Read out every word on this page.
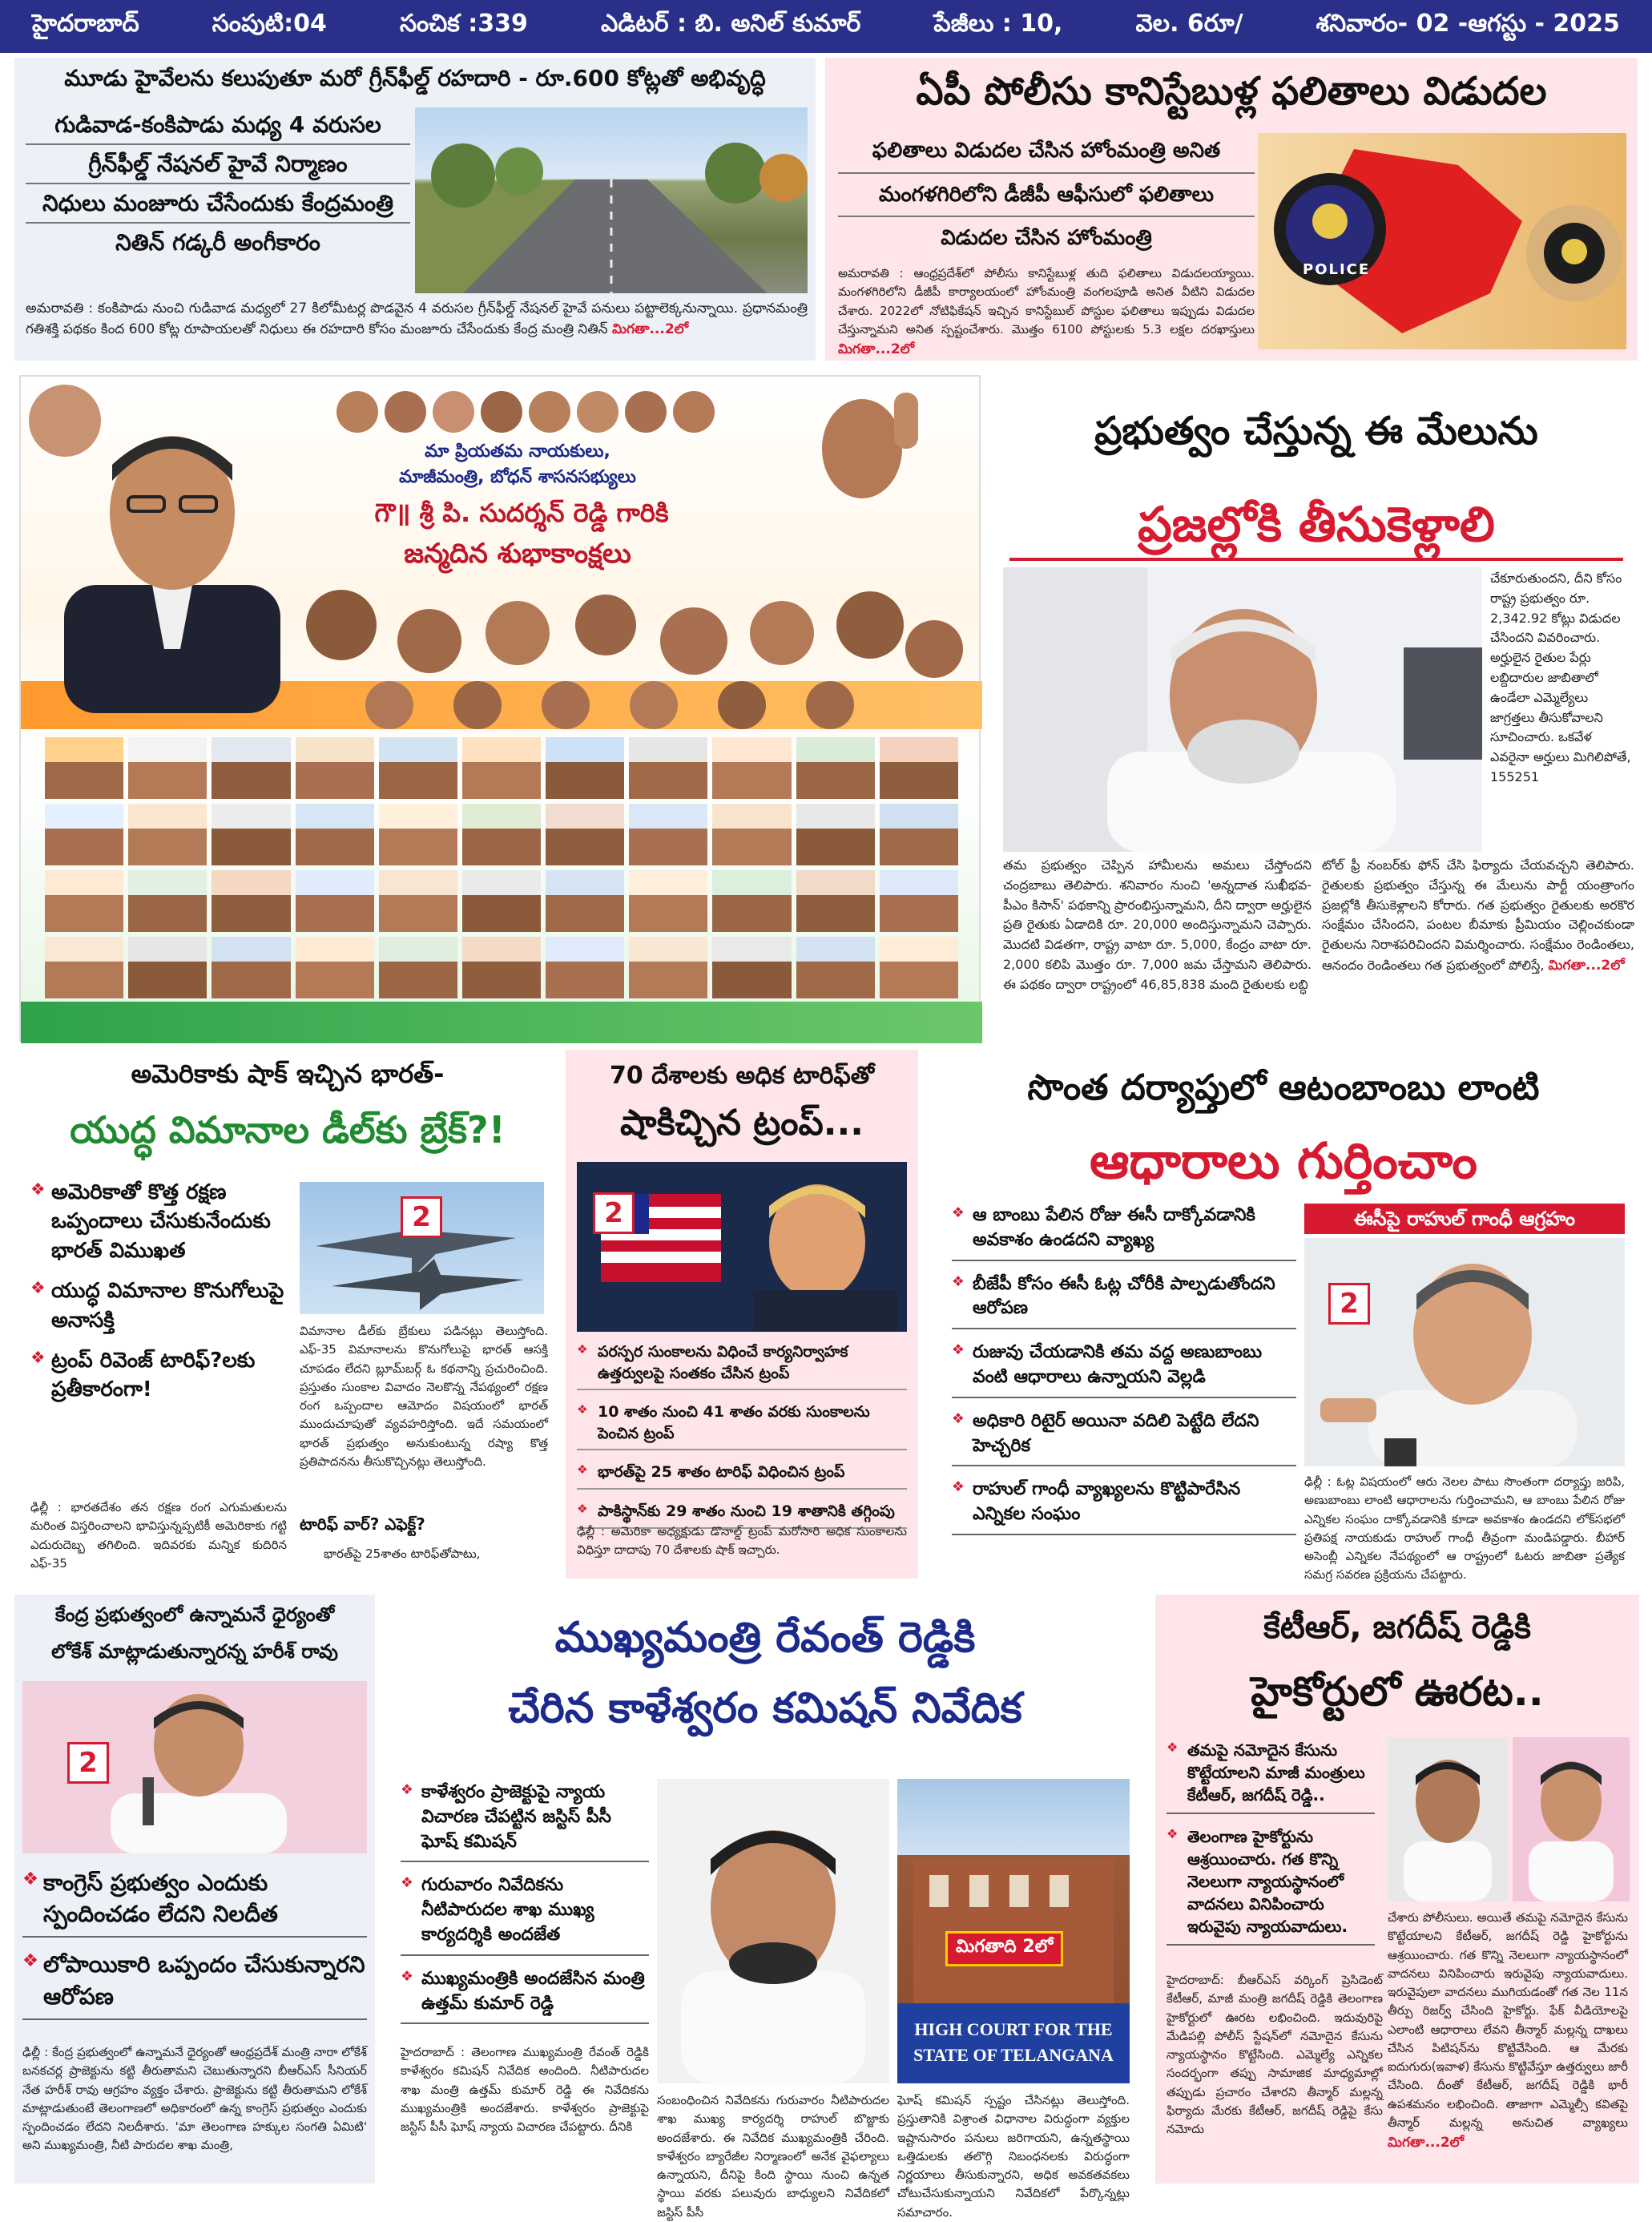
హైదరాబాద్	సంపుటి:04	సంచిక :339	ఎడిటర్ : బి. అనిల్ కుమార్	పేజీలు : 10,	వెల. 6రూ/	శనివారం- 02 -ఆగస్టు - 2025
మూడు హైవేలను కలుపుతూ మరో గ్రీన్‌ఫీల్డ్ రహదారి - రూ.600 కోట్లతో అభివృద్ధి
గుడివాడ-కంకిపాడు మధ్య 4 వరుసల
గ్రీన్‌ఫీల్డ్ నేషనల్ హైవే నిర్మాణం
నిధులు మంజూరు చేసేందుకు కేంద్రమంత్రి
నితిన్ గడ్కరీ అంగీకారం
అమరావతి : కంకిపాడు నుంచి గుడివాడ మధ్యలో 27 కిలోమీటర్ల పొడవైన 4 వరుసల గ్రీన్‌ఫీల్డ్ నేషనల్ హైవే పనులు పట్టాలెక్కనున్నాయి. ప్రధానమంత్రి గతిశక్తి పథకం కింద 600 కోట్ల రూపాయలతో నిధులు ఈ రహదారి కోసం మంజూరు చేసేందుకు కేంద్ర మంత్రి నితిన్ మిగతా...2లో
ఏపీ పోలీసు కానిస్టేబుళ్ల ఫలితాలు విడుదల
ఫలితాలు విడుదల చేసిన హోంమంత్రి అనిత
మంగళగిరిలోని డీజీపీ ఆఫీసులో ఫలితాలు
విడుదల చేసిన హోంమంత్రి
POLICE
అమరావతి : ఆంధ్రప్రదేశ్‌లో పోలీసు కానిస్టేబుళ్ల తుది ఫలితాలు విడుదలయ్యాయి. మంగళగిరిలోని డీజీపీ కార్యాలయంలో హోంమంత్రి వంగలపూడి అనిత వీటిని విడుదల చేశారు. 2022లో నోటిఫికేషన్ ఇచ్చిన కానిస్టేబుల్ పోస్టుల ఫలితాలు ఇప్పుడు విడుదల చేస్తున్నామని అనిత స్పష్టంచేశారు. మొత్తం 6100 పోస్టులకు 5.3 లక్షల దరఖాస్తులు మిగతా...2లో
మా ప్రియతమ నాయకులు,
మాజీమంత్రి, బోధన్ శాసనసభ్యులు
గౌ॥ శ్రీ పి. సుదర్శన్ రెడ్డి గారికి
జన్మదిన శుభాకాంక్షలు
ప్రభుత్వం చేస్తున్న ఈ మేలును
ప్రజల్లోకి తీసుకెళ్లాలి
చేకూరుతుందని, దీని కోసం రాష్ట్ర ప్రభుత్వం రూ. 2,342.92 కోట్లు విడుదల చేసిందని వివరించారు. అర్హులైన రైతుల పేర్లు లబ్దిదారుల జాబితాలో ఉండేలా ఎమ్మెల్యేలు జాగ్రత్తలు తీసుకోవాలని సూచించారు. ఒకవేళ ఎవరైనా అర్హులు మిగిలిపోతే, 155251
తమ ప్రభుత్వం చెప్పిన హామీలను అమలు చేస్తోందని చంద్రబాబు తెలిపారు. శనివారం నుంచి 'అన్నదాత సుఖీభవ-పీఎం కిసాన్' పథకాన్ని ప్రారంభిస్తున్నామని, దీని ద్వారా అర్హులైన ప్రతి రైతుకు ఏడాదికి రూ. 20,000 అందిస్తున్నామని చెప్పారు. మొదటి విడతగా, రాష్ట్ర వాటా రూ. 5,000, కేంద్రం వాటా రూ. 2,000 కలిపి మొత్తం రూ. 7,000 జమ చేస్తామని తెలిపారు. ఈ పథకం ద్వారా రాష్ట్రంలో 46,85,838 మంది రైతులకు లబ్ధి
టోల్ ఫ్రీ నంబర్‌కు ఫోన్ చేసి ఫిర్యాదు చేయవచ్చని తెలిపారు. రైతులకు ప్రభుత్వం చేస్తున్న ఈ మేలును పార్టీ యంత్రాంగం ప్రజల్లోకి తీసుకెళ్లాలని కోరారు. గత ప్రభుత్వం రైతులకు అరకొర సంక్షేమం చేసిందని, పంటల బీమాకు ప్రీమియం చెల్లించకుండా రైతులను నిరాశపరిచిందని విమర్శించారు. సంక్షేమం రెండింతలు, ఆనందం రెండింతలు గత ప్రభుత్వంలో పోలిస్తే, మిగతా...2లో
అమెరికాకు షాక్ ఇచ్చిన భారత్-
యుద్ధ విమానాల డీల్‌కు బ్రేక్?!
❖ అమెరికాతో కొత్త రక్షణ ఒప్పందాలు చేసుకునేందుకు భారత్ విముఖత
❖ యుద్ధ విమానాల కొనుగోలుపై అనాసక్తి
❖ ట్రంప్ రివెంజ్ టారిఫ్?లకు ప్రతీకారంగా!
2
విమానాల డీల్‌కు బ్రేకులు పడినట్లు తెలుస్తోంది. ఎఫ్-35 విమానాలను కొనుగోలుపై భారత్ ఆసక్తి చూపడం లేదని బ్లూమ్‌బర్గ్ ఓ కథనాన్ని ప్రచురించింది. ప్రస్తుతం సుంకాల వివాదం నెలకొన్న నేపథ్యంలో రక్షణ రంగ ఒప్పందాల ఆమోదం విషయంలో భారత్ ముందుచూపుతో వ్యవహరిస్తోంది. ఇదే సమయంలో భారత్ ప్రభుత్వం అనుకుంటున్న రష్యా కొత్త ప్రతిపాదనను తీసుకొచ్చినట్లు తెలుస్తోంది.
టారిఫ్ వార్? ఎఫెక్ట్?
భారత్‌పై 25శాతం టారిఫ్‌తోపాటు,
ఢిల్లీ : భారతదేశం తన రక్షణ రంగ ఎగుమతులను మరింత విస్తరించాలని భావిస్తున్నప్పటికీ అమెరికాకు గట్టి ఎదురుదెబ్బ తగిలింది. ఇదివరకు మన్నిక కుదిరిన ఎఫ్‌-35
70 దేశాలకు అధిక టారిఫ్‌తో
షాకిచ్చిన ట్రంప్...
2
❖ పరస్పర సుంకాలను విధించే కార్యనిర్వాహక ఉత్తర్వులపై సంతకం చేసిన ట్రంప్
❖ 10 శాతం నుంచి 41 శాతం వరకు సుంకాలను పెంచిన ట్రంప్
❖ భారత్‌పై 25 శాతం టారిఫ్ విధించిన ట్రంప్
❖ పాకిస్థాన్‌కు 29 శాతం నుంచి 19 శాతానికి తగ్గింపు
ఢిల్లీ : అమెరికా అధ్యక్షుడు డొనాల్డ్ ట్రంప్ మరోసారి అధిక సుంకాలను విధిస్తూ దాదాపు 70 దేశాలకు షాక్ ఇచ్చారు.
సొంత దర్యాప్తులో ఆటంబాంబు లాంటి
ఆధారాలు గుర్తించాం
ఈసీపై రాహుల్ గాంధీ ఆగ్రహం
❖ ఆ బాంబు పేలిన రోజు ఈసీ దాక్కోవడానికి అవకాశం ఉండదని వ్యాఖ్య
❖ బీజేపీ కోసం ఈసీ ఓట్ల చోరీకి పాల్పడుతోందని ఆరోపణ
❖ రుజువు చేయడానికి తమ వద్ద అణుబాంబు వంటి ఆధారాలు ఉన్నాయని వెల్లడి
❖ అధికారి రిటైర్ అయినా వదిలి పెట్టేది లేదని హెచ్చరిక
❖ రాహుల్ గాంధీ వ్యాఖ్యలను కొట్టిపారేసిన ఎన్నికల సంఘం
2
ఢిల్లీ : ఓట్ల విషయంలో ఆరు నెలల పాటు సొంతంగా దర్యాప్తు జరిపి, అణుబాంబు లాంటి ఆధారాలను గుర్తించామని, ఆ బాంబు పేలిన రోజు ఎన్నికల సంఘం దాక్కోవడానికి కూడా అవకాశం ఉండదని లోక్‌సభలో ప్రతిపక్ష నాయకుడు రాహుల్ గాంధీ తీవ్రంగా మండిపడ్డారు. బీహార్ అసెంబ్లీ ఎన్నికల నేపథ్యంలో ఆ రాష్ట్రంలో ఓటరు జాబితా ప్రత్యేక సమగ్ర సవరణ ప్రక్రియను చేపట్టారు.
కేంద్ర ప్రభుత్వంలో ఉన్నామనే ధైర్యంతో
లోకేశ్ మాట్లాడుతున్నారన్న హరీశ్ రావు
2
❖ కాంగ్రెస్ ప్రభుత్వం ఎందుకు స్పందించడం లేదని నిలదీత
❖ లోపాయికారి ఒప్పందం చేసుకున్నారని ఆరోపణ
ఢిల్లీ : కేంద్ర ప్రభుత్వంలో ఉన్నామనే ధైర్యంతో ఆంధ్రప్రదేశ్ మంత్రి నారా లోకేశ్ బనకచర్ల ప్రాజెక్టును కట్టి తీరుతామని చెబుతున్నారని బీఆర్ఎస్ సీనియర్ నేత హరీశ్ రావు ఆగ్రహం వ్యక్తం చేశారు. ప్రాజెక్టును కట్టి తీరుతామని లోకేశ్ మాట్లాడుతుంటే తెలంగాణలో అధికారంలో ఉన్న కాంగ్రెస్ ప్రభుత్వం ఎందుకు స్పందించడం లేదని నిలదీశారు. 'మా తెలంగాణ హక్కుల సంగతి ఏమిటి' అని ముఖ్యమంత్రి, నీటి పారుదల శాఖ మంత్రి,
ముఖ్యమంత్రి రేవంత్ రెడ్డికి
చేరిన కాళేశ్వరం కమిషన్ నివేదిక
❖ కాళేశ్వరం ప్రాజెక్టుపై న్యాయ విచారణ చేపట్టిన జస్టిస్ పీసీ ఘోష్ కమిషన్
❖ గురువారం నివేదికను నీటిపారుదల శాఖ ముఖ్య కార్యదర్శికి అందజేత
❖ ముఖ్యమంత్రికి అందజేసిన మంత్రి ఉత్తమ్ కుమార్ రెడ్డి
మిగతాది 2లో
HIGH COURT FOR THE
STATE OF TELANGANA
హైదరాబాద్ : తెలంగాణ ముఖ్యమంత్రి రేవంత్ రెడ్డికి కాళేశ్వరం కమిషన్ నివేదిక అందింది. నీటిపారుదల శాఖ మంత్రి ఉత్తమ్ కుమార్ రెడ్డి ఈ నివేదికను ముఖ్యమంత్రికి అందజేశారు. కాళేశ్వరం ప్రాజెక్టుపై జస్టిస్ పీసీ ఘోష్ న్యాయ విచారణ చేపట్టారు. దీనికి
సంబంధించిన నివేదికను గురువారం నీటిపారుదల శాఖ ముఖ్య కార్యదర్శి రాహుల్ బొజ్జాకు అందజేశారు. ఈ నివేదిక ముఖ్యమంత్రికి చేరింది. కాళేశ్వరం బ్యారేజీల నిర్మాణంలో అనేక వైఫల్యాలు ఉన్నాయని, దీనిపై కింది స్థాయి నుంచి ఉన్నత స్థాయి వరకు పలువురు బాధ్యులని నివేదికలో జస్టిస్ పీసీ
ఘోష్ కమిషన్ స్పష్టం చేసినట్లు తెలుస్తోంది. ప్రస్తుతానికి విశ్రాంత విధానాల విరుద్ధంగా వ్యక్తుల ఇష్టానుసారం పనులు జరిగాయని, ఉన్నతస్థాయి ఒత్తిడులకు తలొగ్గి నిబంధనలకు విరుద్ధంగా నిర్ణయాలు తీసుకున్నారని, అధిక అవకతవకలు చోటుచేసుకున్నాయని నివేదికలో పేర్కొన్నట్లు సమాచారం.
కేటీఆర్, జగదీష్ రెడ్డికి
హైకోర్టులో ఊరట..
❖ తమపై నమోదైన కేసును కొట్టేయాలని మాజీ మంత్రులు కేటీఆర్, జగదీష్ రెడ్డి..
❖ తెలంగాణ హైకోర్టును ఆశ్రయించారు. గత కొన్ని నెలలుగా న్యాయస్థానంలో వాదనలు వినిపించారు ఇరువైపు న్యాయవాదులు.
హైదరాబాద్: బీఆర్ఎస్ వర్కింగ్ ప్రెసిడెంట్ కేటీఆర్, మాజీ మంత్రి జగదీష్ రెడ్డికి తెలంగాణ హైకోర్టులో ఊరట లభించింది. ఇదువురిపై మేడిపల్లి పోలీస్ స్టేషన్‌లో నమోదైన కేసును న్యాయస్థానం కొట్టేసింది. ఎమ్మెల్యే ఎన్నికల సందర్భంగా తప్పు సామాజిక మాధ్యమాల్లో తప్పుడు ప్రచారం చేశారని తీన్మార్ మల్లన్న ఫిర్యాదు మేరకు కేటీఆర్, జగదీష్ రెడ్డిపై కేసు నమోదు
చేశారు పోలీసులు. అయితే తమపై నమోదైన కేసును కొట్టేయాలని కేటీఆర్, జగదీష్ రెడ్డి హైకోర్టును ఆశ్రయించారు. గత కొన్ని నెలలుగా న్యాయస్థానంలో వాదనలు వినిపించారు ఇరువైపు న్యాయవాదులు. ఇరువైపులా వాదనలు ముగియడంతో గత నెల 11న తీర్పు రిజర్వ్ చేసింది హైకోర్టు. ఫేక్ వీడియోలపై ఎలాంటి ఆధారాలు లేవని తీన్మార్ మల్లన్న దాఖలు చేసిన పిటిషన్‌ను కొట్టివేసింది. ఆ మేరకు ఐదుగురు(ఇవాళ) కేసును కొట్టివేస్తూ ఉత్తర్వులు జారీ చేసింది. దీంతో కేటీఆర్, జగదీష్ రెడ్డికి భారీ ఉపశమనం లభించింది. తాజాగా ఎమ్మెల్సీ కవితపై తీన్మార్ మల్లన్న అనుచిత వ్యాఖ్యలు మిగతా...2లో
